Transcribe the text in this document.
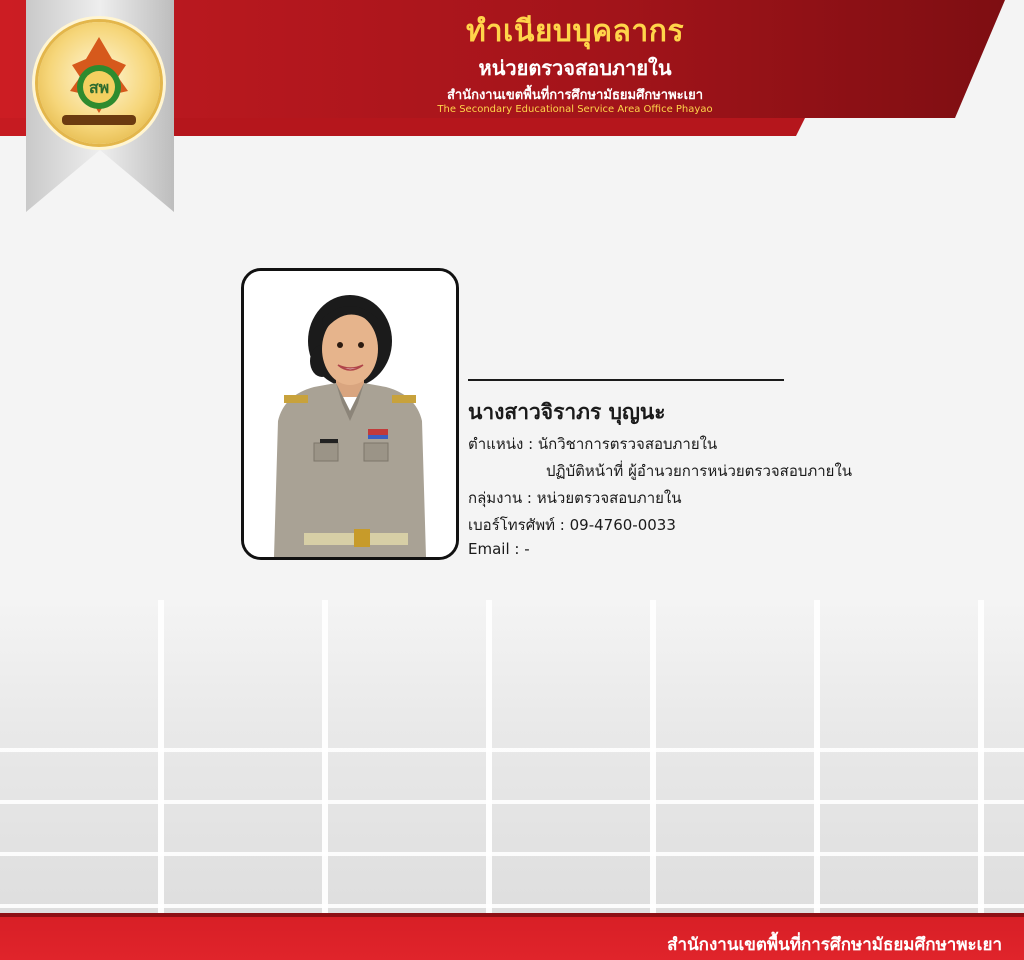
ทำเนียบบุคลากร
หน่วยตรวจสอบภายใน
สำนักงานเขตพื้นที่การศึกษามัธยมศึกษาพะเยา
The Secondary Educational Service Area Office Phayao
สพ
นางสาวจิราภร บุญนะ
ตำแหน่ง : นักวิชาการตรวจสอบภายใน
ปฏิบัติหน้าที่ ผู้อำนวยการหน่วยตรวจสอบภายใน
กลุ่มงาน : หน่วยตรวจสอบภายใน
เบอร์โทรศัพท์ : 09-4760-0033
Email : -
สำนักงานเขตพื้นที่การศึกษามัธยมศึกษาพะเยา
